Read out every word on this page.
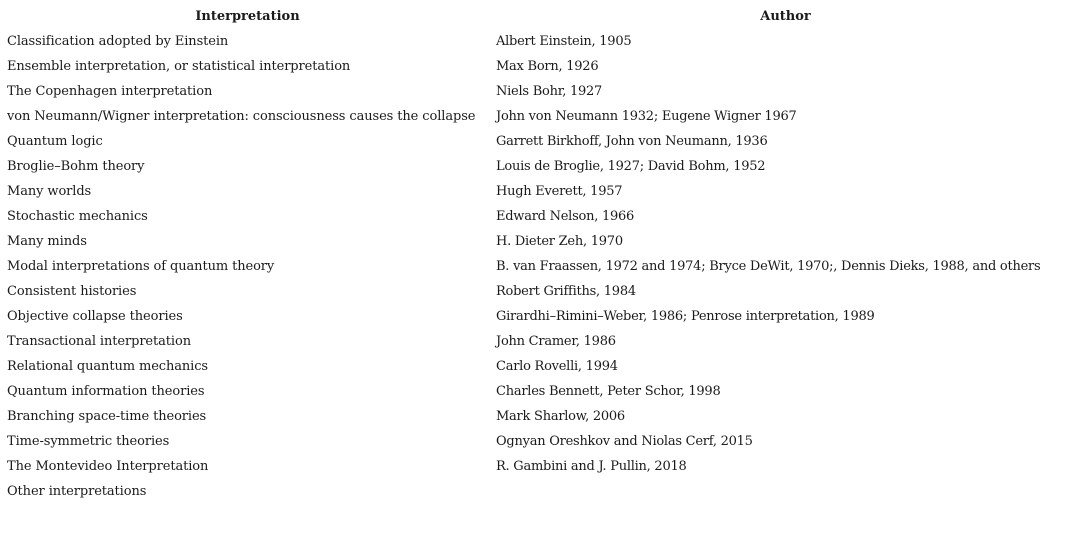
Interpretation	Author
Classification adopted by Einstein	Albert Einstein, 1905
Ensemble interpretation, or statistical interpretation	Max Born, 1926
The Copenhagen interpretation	Niels Bohr, 1927
von Neumann/Wigner interpretation: consciousness causes the collapse	John von Neumann 1932; Eugene Wigner 1967
Quantum logic	Garrett Birkhoff, John von Neumann, 1936
Broglie–Bohm theory	Louis de Broglie, 1927; David Bohm, 1952
Many worlds	Hugh Everett, 1957
Stochastic mechanics	Edward Nelson, 1966
Many minds	H. Dieter Zeh, 1970
Modal interpretations of quantum theory	B. van Fraassen, 1972 and 1974; Bryce DeWit, 1970;, Dennis Dieks, 1988, and others
Consistent histories	Robert Griffiths, 1984
Objective collapse theories	Girardhi–Rimini–Weber, 1986; Penrose interpretation, 1989
Transactional interpretation	John Cramer, 1986
Relational quantum mechanics	Carlo Rovelli, 1994
Quantum information theories	Charles Bennett, Peter Schor, 1998
Branching space-time theories	Mark Sharlow, 2006
Time-symmetric theories	Ognyan Oreshkov and Niolas Cerf, 2015
The Montevideo Interpretation	R. Gambini and J. Pullin, 2018
Other interpretations	
